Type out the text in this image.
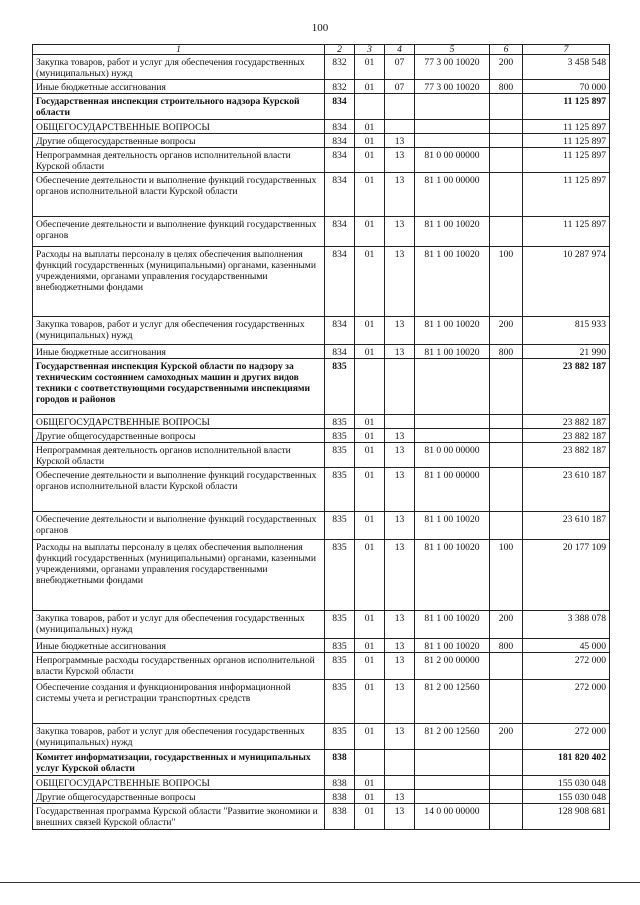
100
1	2	3	4	5	6	7
Закупка товаров, работ и услуг для обеспечения государственных (муниципальных) нужд	832	01	07	77 3 00 10020	200	3 458 548
Иные бюджетные ассигнования	832	01	07	77 3 00 10020	800	70 000
Государственная инспекция строительного надзора Курской области	834					11 125 897
ОБЩЕГОСУДАРСТВЕННЫЕ ВОПРОСЫ	834	01				11 125 897
Другие общегосударственные вопросы	834	01	13			11 125 897
Непрограммная деятельность органов исполнительной власти Курской области	834	01	13	81 0 00 00000		11 125 897
Обеспечение деятельности и выполнение функций государственных органов исполнительной власти Курской области	834	01	13	81 1 00 00000		11 125 897
Обеспечение деятельности и выполнение функций государственных органов	834	01	13	81 1 00 10020		11 125 897
Расходы на выплаты персоналу в целях обеспечения выполнения функций государственных (муниципальными) органами, казенными учреждениями, органами управления государственными внебюджетными фондами	834	01	13	81 1 00 10020	100	10 287 974
Закупка товаров, работ и услуг для обеспечения государственных (муниципальных) нужд	834	01	13	81 1 00 10020	200	815 933
Иные бюджетные ассигнования	834	01	13	81 1 00 10020	800	21 990
Государственная инспекция Курской области по надзору за техническим состоянием самоходных машин и других видов техники с соответствующими государственными инспекциями городов и районов	835					23 882 187
ОБЩЕГОСУДАРСТВЕННЫЕ ВОПРОСЫ	835	01				23 882 187
Другие общегосударственные вопросы	835	01	13			23 882 187
Непрограммная деятельность органов исполнительной власти Курской области	835	01	13	81 0 00 00000		23 882 187
Обеспечение деятельности и выполнение функций государственных органов исполнительной власти Курской области	835	01	13	81 1 00 00000		23 610 187
Обеспечение деятельности и выполнение функций государственных органов	835	01	13	81 1 00 10020		23 610 187
Расходы на выплаты персоналу в целях обеспечения выполнения функций государственных (муниципальными) органами, казенными учреждениями, органами управления государственными внебюджетными фондами	835	01	13	81 1 00 10020	100	20 177 109
Закупка товаров, работ и услуг для обеспечения государственных (муниципальных) нужд	835	01	13	81 1 00 10020	200	3 388 078
Иные бюджетные ассигнования	835	01	13	81 1 00 10020	800	45 000
Непрограммные расходы государственных органов исполнительной власти Курской области	835	01	13	81 2 00 00000		272 000
Обеспечение создания и функционирования информационной системы учета и регистрации транспортных средств	835	01	13	81 2 00 12560		272 000
Закупка товаров, работ и услуг для обеспечения государственных (муниципальных) нужд	835	01	13	81 2 00 12560	200	272 000
Комитет информатизации, государственных и муниципальных услуг Курской области	838					181 820 402
ОБЩЕГОСУДАРСТВЕННЫЕ ВОПРОСЫ	838	01				155 030 048
Другие общегосударственные вопросы	838	01	13			155 030 048
Государственная программа Курской области "Развитие экономики и внешних связей Курской области"	838	01	13	14 0 00 00000		128 908 681
